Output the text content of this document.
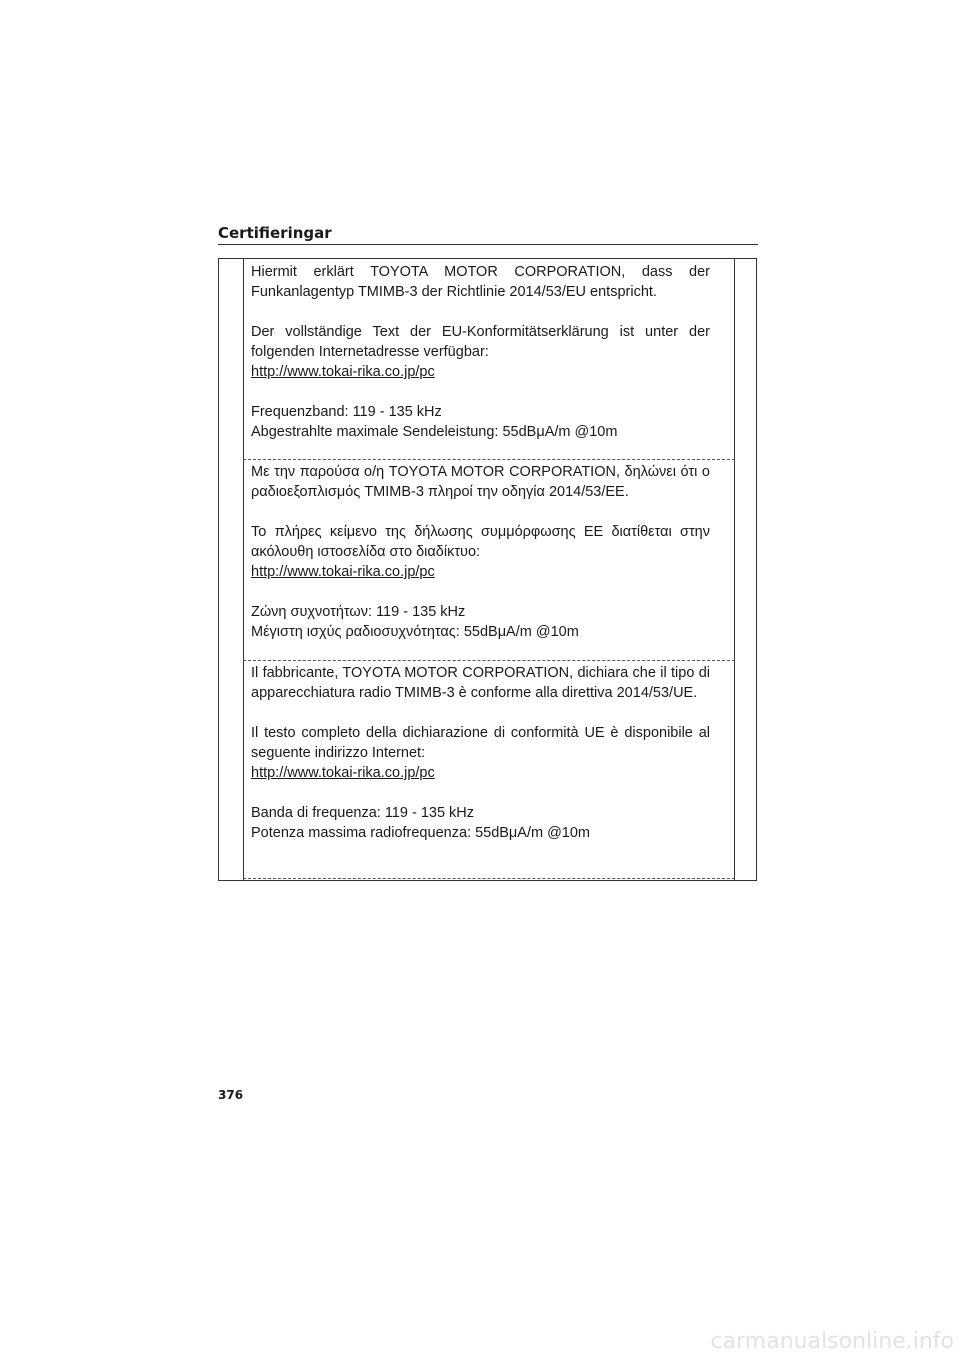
Certifieringar

Hiermit erklärt TOYOTA MOTOR CORPORATION, dass der Funkanlagentyp TMIMB-3 der Richtlinie 2014/53/EU entspricht.

Der vollständige Text der EU-Konformitätserklärung ist unter der folgenden Internetadresse verfügbar:
http://www.tokai-rika.co.jp/pc

Frequenzband: 119 - 135 kHz
Abgestrahlte maximale Sendeleistung: 55dBμA/m @10m

Με την παρούσα ο/η TOYOTA MOTOR CORPORATION, δηλώνει ότι ο ραδιοεξοπλισμός TMIMB-3 πληροί την οδηγία 2014/53/ΕΕ.

Το πλήρες κείμενο της δήλωσης συμμόρφωσης ΕΕ διατίθεται στην ακόλουθη ιστοσελίδα στο διαδίκτυο:
http://www.tokai-rika.co.jp/pc

Ζώνη συχνοτήτων: 119 - 135 kHz
Μέγιστη ισχύς ραδιοσυχνότητας: 55dBμA/m @10m

Il fabbricante, TOYOTA MOTOR CORPORATION, dichiara che il tipo di apparecchiatura radio TMIMB-3 è conforme alla direttiva 2014/53/UE.

Il testo completo della dichiarazione di conformità UE è disponibile al seguente indirizzo Internet:
http://www.tokai-rika.co.jp/pc

Banda di frequenza: 119 - 135 kHz
Potenza massima radiofrequenza: 55dBμA/m @10m

376
carmanualsonline.info
